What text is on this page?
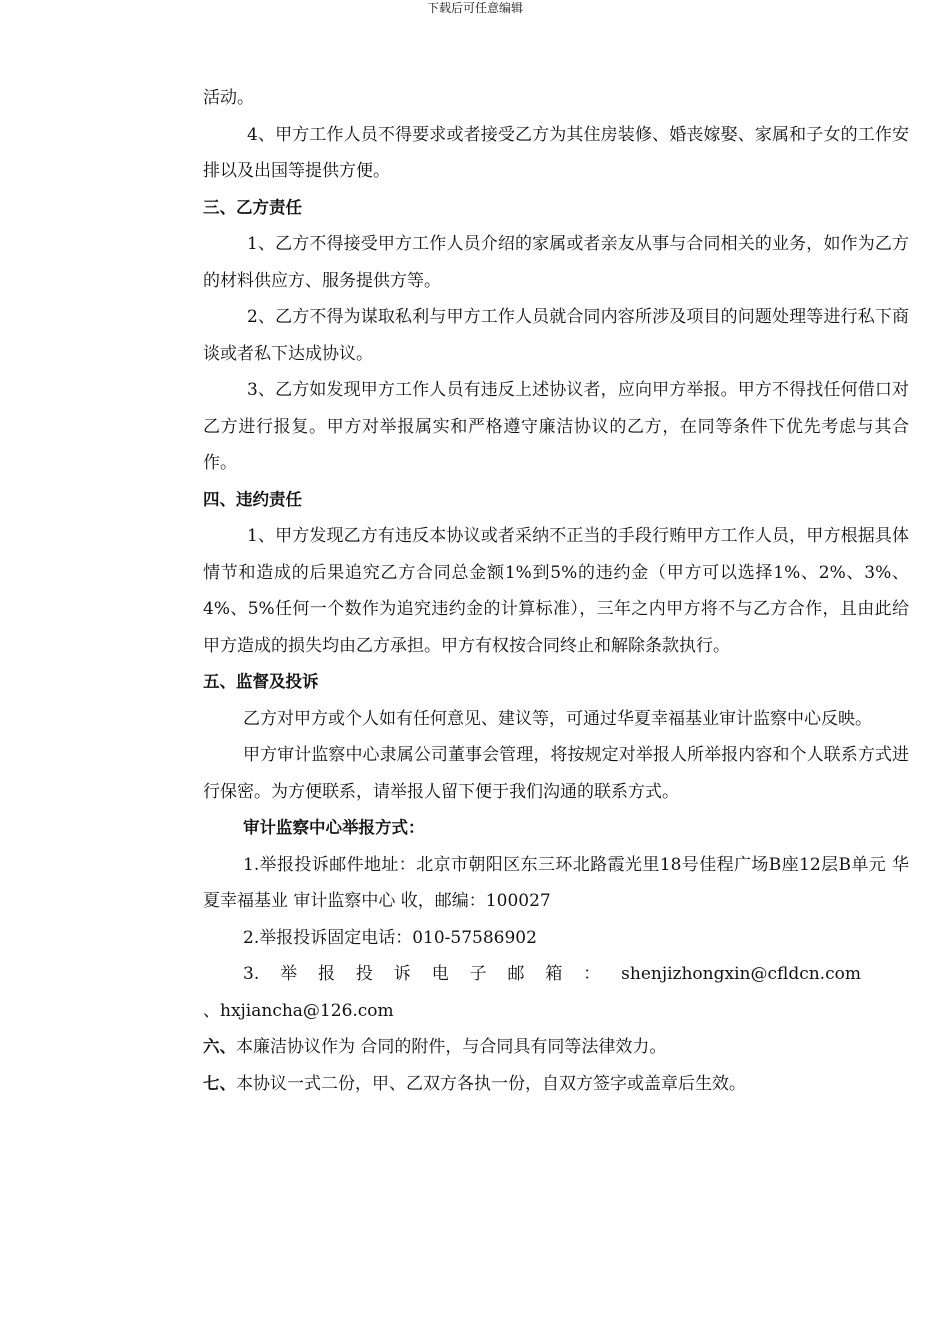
下载后可任意编辑

活动。

4、甲方工作人员不得要求或者接受乙方为其住房装修、婚丧嫁娶、家属和子女的工作安排以及出国等提供方便。

三、乙方责任

1、乙方不得接受甲方工作人员介绍的家属或者亲友从事与合同相关的业务，如作为乙方的材料供应方、服务提供方等。

2、乙方不得为谋取私利与甲方工作人员就合同内容所涉及项目的问题处理等进行私下商谈或者私下达成协议。

3、乙方如发现甲方工作人员有违反上述协议者，应向甲方举报。甲方不得找任何借口对乙方进行报复。甲方对举报属实和严格遵守廉洁协议的乙方，在同等条件下优先考虑与其合作。

四、违约责任

1、甲方发现乙方有违反本协议或者采纳不正当的手段行贿甲方工作人员，甲方根据具体情节和造成的后果追究乙方合同总金额1%到5%的违约金（甲方可以选择1%、2%、3%、4%、5%任何一个数作为追究违约金的计算标准），三年之内甲方将不与乙方合作，且由此给甲方造成的损失均由乙方承担。甲方有权按合同终止和解除条款执行。

五、监督及投诉

乙方对甲方或个人如有任何意见、建议等，可通过华夏幸福基业审计监察中心反映。

甲方审计监察中心隶属公司董事会管理，将按规定对举报人所举报内容和个人联系方式进行保密。为方便联系，请举报人留下便于我们沟通的联系方式。

审计监察中心举报方式：

1.举报投诉邮件地址：北京市朝阳区东三环北路霞光里18号佳程广场B座12层B单元 华夏幸福基业 审计监察中心 收，邮编：100027

2.举报投诉固定电话：010-57586902

3. 举 报 投 诉 电 子 邮 箱 ： shenjizhongxin@cfldcn.com

、hxjiancha@126.com

六、本廉洁协议作为 合同的附件，与合同具有同等法律效力。

七、本协议一式二份，甲、乙双方各执一份，自双方签字或盖章后生效。
